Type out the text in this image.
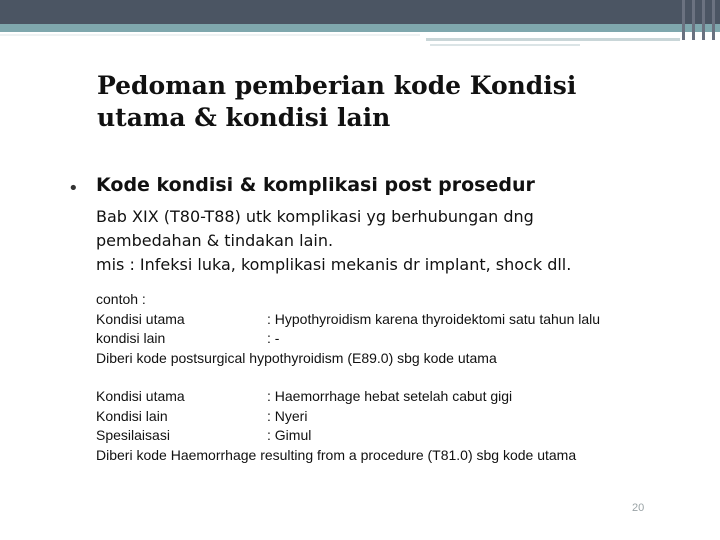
Pedoman pemberian kode Kondisi
utama & kondisi lain
• Kode kondisi & komplikasi post prosedur
Bab XIX (T80-T88) utk komplikasi yg berhubungan dng
pembedahan & tindakan lain.
mis : Infeksi luka, komplikasi mekanis dr implant, shock dll.
contoh :
Kondisi utama	: Hypothyroidism karena thyroidektomi satu tahun lalu
kondisi lain	: -
Diberi kode postsurgical hypothyroidism (E89.0) sbg kode utama
Kondisi utama	: Haemorrhage hebat setelah cabut gigi
Kondisi lain	: Nyeri
Spesilaisasi	: Gimul
Diberi kode Haemorrhage resulting from a procedure (T81.0) sbg kode utama
20
